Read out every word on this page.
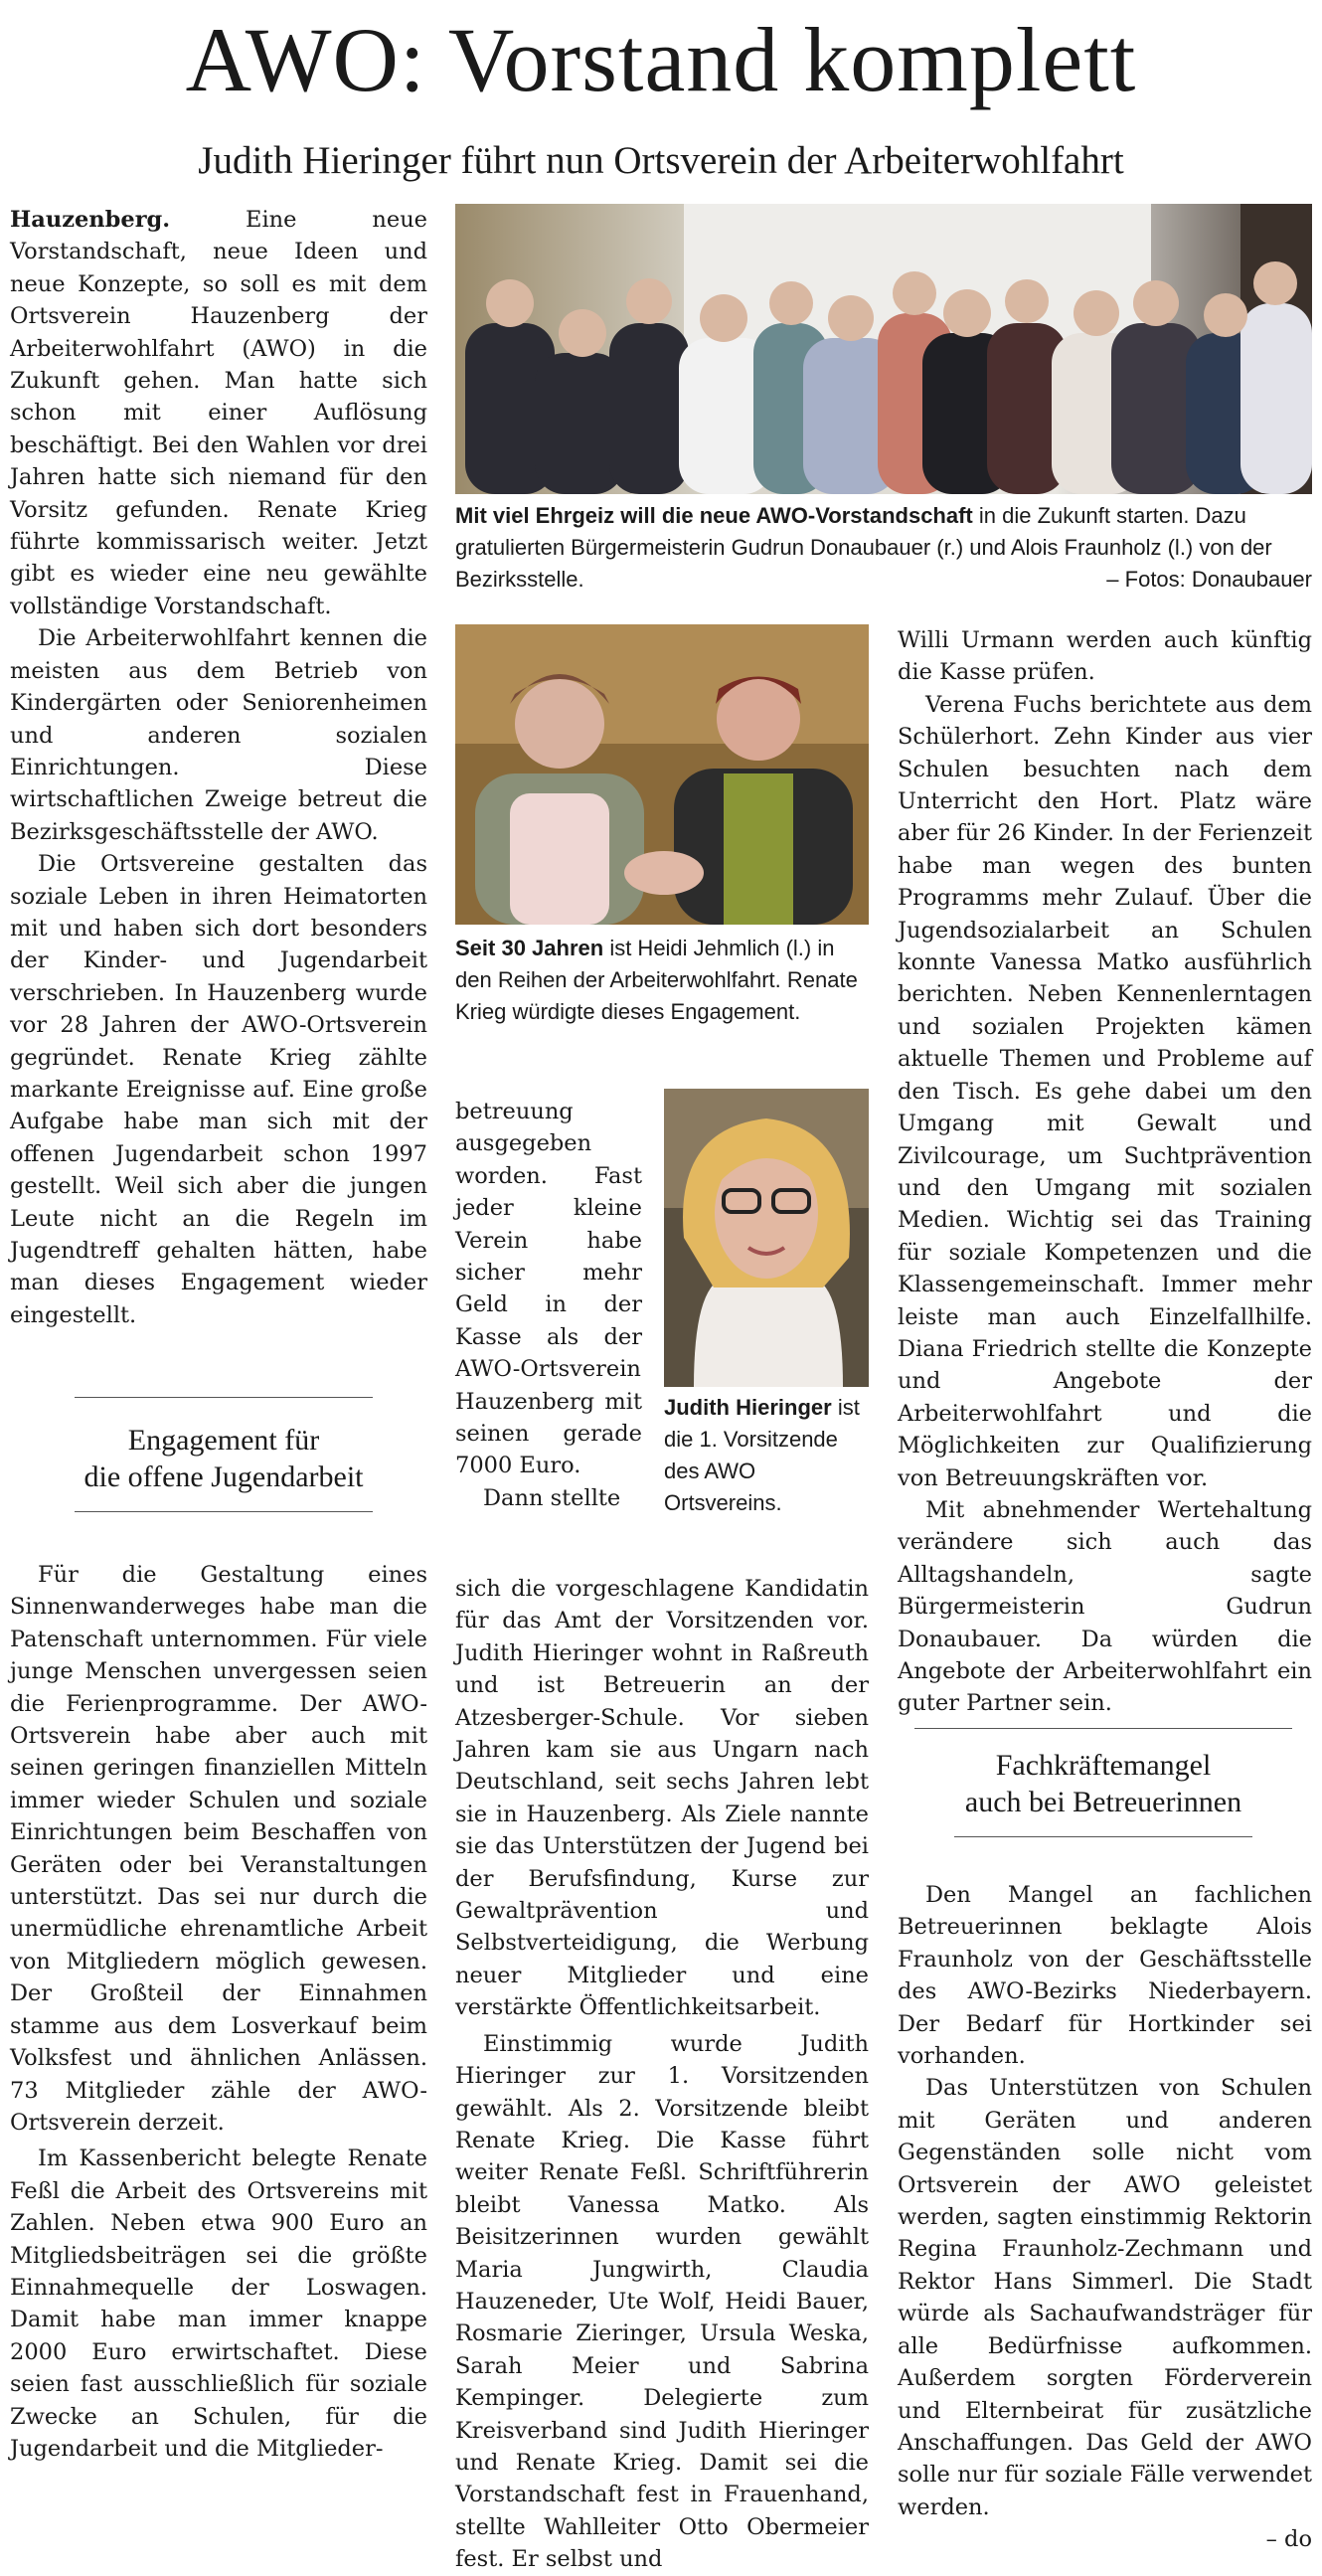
AWO: Vorstand komplett
Judith Hieringer führt nun Ortsverein der Arbeiterwohlfahrt

Hauzenberg.	Eine neue Vorstandschaft, neue Ideen und neue Konzepte, so soll es mit dem Ortsverein Hauzenberg der Arbeiterwohlfahrt (AWO) in die Zukunft gehen. Man hatte sich schon mit einer Auflösung beschäftigt. Bei den Wahlen vor drei Jahren hatte sich niemand für den Vorsitz gefunden. Renate Krieg führte kommissarisch weiter. Jetzt gibt es wieder eine neu gewählte vollständige Vorstandschaft.

Die Arbeiterwohlfahrt kennen die meisten aus dem Betrieb von Kindergärten oder Seniorenheimen und anderen sozialen Einrichtungen. Diese wirtschaftlichen Zweige betreut die Bezirksgeschäftsstelle der AWO.

Die Ortsvereine gestalten das soziale Leben in ihren Heimatorten mit und haben sich dort besonders der Kinder- und Jugendarbeit verschrieben. In Hauzenberg wurde vor 28 Jahren der AWO-Ortsverein gegründet. Renate Krieg zählte markante Ereignisse auf. Eine große Aufgabe habe man sich mit der offenen Jugendarbeit schon 1997 gestellt. Weil sich aber die jungen Leute nicht an die Regeln im Jugendtreff gehalten hätten, habe man dieses Engagement wieder eingestellt.

Engagement für
die offene Jugendarbeit

Für die Gestaltung eines Sinnenwanderweges habe man die Patenschaft unternommen. Für viele junge Menschen unvergessen seien die Ferienprogramme. Der AWO-Ortsverein habe aber auch mit seinen geringen finanziellen Mitteln immer wieder Schulen und soziale Einrichtungen beim Beschaffen von Geräten oder bei Veranstaltungen unterstützt. Das sei nur durch die unermüdliche ehrenamtliche Arbeit von Mitgliedern möglich gewesen. Der Großteil der Einnahmen stamme aus dem Losverkauf beim Volksfest und ähnlichen Anlässen. 73 Mitglieder zähle der AWO-Ortsverein derzeit.

Im Kassenbericht belegte Renate Feßl die Arbeit des Ortsvereins mit Zahlen. Neben etwa 900 Euro an Mitgliedsbeiträgen sei die größte Einnahmequelle der Loswagen. Damit habe man immer knappe 2000 Euro erwirtschaftet. Diese seien fast ausschließlich für soziale Zwecke an Schulen, für die Jugendarbeit und die Mitglieder-

Mit viel Ehrgeiz will die neue AWO-Vorstandschaft in die Zukunft starten. Dazu gratulierten Bürgermeisterin Gudrun Donaubauer (r.) und Alois Fraunholz (l.) von der Bezirksstelle.	– Fotos: Donaubauer
Seit 30 Jahren ist Heidi Jehmlich (l.) in den Reihen der Arbeiterwohlfahrt. Renate Krieg würdigte dieses Engagement.
Judith Hieringer ist die 1. Vorsitzende des AWO Ortsvereins.

betreuung ausgegeben worden. Fast jeder kleine Verein habe sicher mehr Geld in der Kasse als der AWO-Ortsverein Hauzenberg mit seinen gerade 7000 Euro.

Dann stellte

sich die vorgeschlagene Kandidatin für das Amt der Vorsitzenden vor. Judith Hieringer wohnt in Raßreuth und ist Betreuerin an der Atzesberger-Schule. Vor sieben Jahren kam sie aus Ungarn nach Deutschland, seit sechs Jahren lebt sie in Hauzenberg. Als Ziele nannte sie das Unterstützen der Jugend bei der Berufsfindung, Kurse zur Gewaltprävention und Selbstverteidigung, die Werbung neuer Mitglieder und eine verstärkte Öffentlichkeitsarbeit.

Einstimmig wurde Judith Hieringer zur 1. Vorsitzenden gewählt. Als 2. Vorsitzende bleibt Renate Krieg. Die Kasse führt weiter Renate Feßl. Schriftführerin bleibt Vanessa Matko. Als Beisitzerinnen wurden gewählt Maria Jungwirth, Claudia Hauzeneder, Ute Wolf, Heidi Bauer, Rosmarie Zieringer, Ursula Weska, Sarah Meier und Sabrina Kempinger. Delegierte zum Kreisverband sind Judith Hieringer und Renate Krieg. Damit sei die Vorstandschaft fest in Frauenhand, stellte Wahlleiter Otto Obermeier fest. Er selbst und

Willi Urmann werden auch künftig die Kasse prüfen.

Verena Fuchs berichtete aus dem Schülerhort. Zehn Kinder aus vier Schulen besuchten nach dem Unterricht den Hort. Platz wäre aber für 26 Kinder. In der Ferienzeit habe man wegen des bunten Programms mehr Zulauf. Über die Jugendsozialarbeit an Schulen konnte Vanessa Matko ausführlich berichten. Neben Kennenlerntagen und sozialen Projekten kämen aktuelle Themen und Probleme auf den Tisch. Es gehe dabei um den Umgang mit Gewalt und Zivilcourage, um Suchtprävention und den Umgang mit sozialen Medien. Wichtig sei das Training für soziale Kompetenzen und die Klassengemeinschaft. Immer mehr leiste man auch Einzelfallhilfe. Diana Friedrich stellte die Konzepte und Angebote der Arbeiterwohlfahrt und die Möglichkeiten zur Qualifizierung von Betreuungskräften vor.

Mit abnehmender Wertehaltung verändere sich auch das Alltagshandeln, sagte Bürgermeisterin Gudrun Donaubauer. Da würden die Angebote der Arbeiterwohlfahrt ein guter Partner sein.

Fachkräftemangel
auch bei Betreuerinnen

Den Mangel an fachlichen Betreuerinnen beklagte Alois Fraunholz von der Geschäftsstelle des AWO-Bezirks Niederbayern. Der Bedarf für Hortkinder sei vorhanden.

Das Unterstützen von Schulen mit Geräten und anderen Gegenständen solle nicht vom Ortsverein der AWO geleistet werden, sagten einstimmig Rektorin Regina Fraunholz-Zechmann und Rektor Hans Simmerl. Die Stadt würde als Sachaufwandsträger für alle Bedürfnisse aufkommen. Außerdem sorgten Förderverein und Elternbeirat für zusätzliche Anschaffungen. Das Geld der AWO solle nur für soziale Fälle verwendet werden.

– do
